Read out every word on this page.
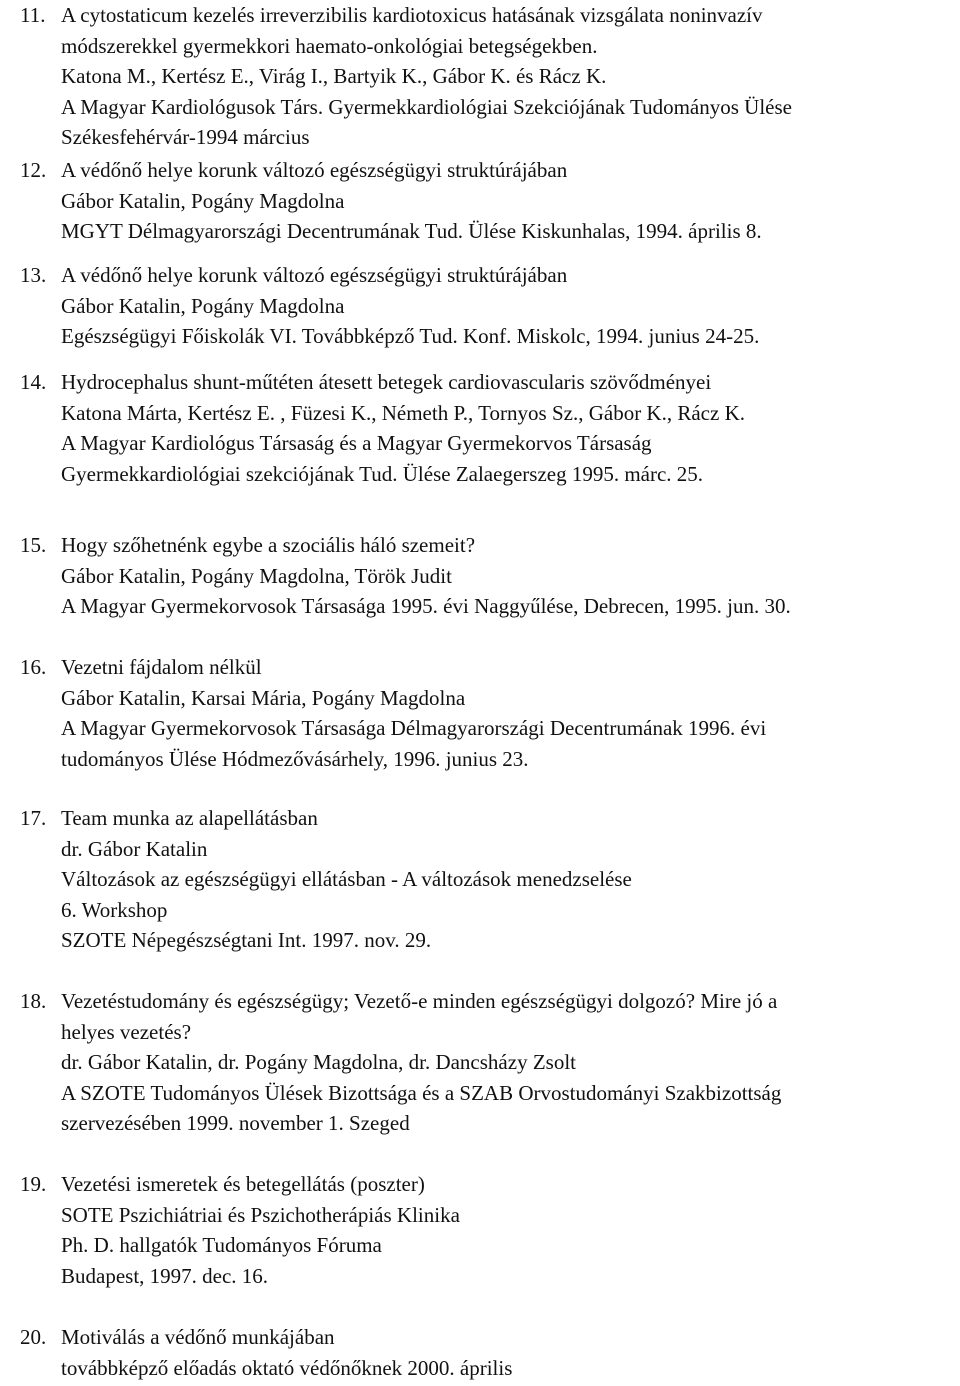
11. A cytostaticum kezelés irreverzibilis kardiotoxicus hatásának vizsgálata noninvazív
módszerekkel gyermekkori haemato-onkológiai betegségekben.
Katona M., Kertész E., Virág I., Bartyik K., Gábor K. és Rácz K.
A Magyar Kardiológusok Társ. Gyermekkardiológiai Szekciójának Tudományos Ülése
Székesfehérvár-1994 március
12. A védőnő helye korunk változó egészségügyi struktúrájában
Gábor Katalin, Pogány Magdolna
MGYT Délmagyarországi Decentrumának Tud. Ülése Kiskunhalas, 1994. április 8.
13. A védőnő helye korunk változó egészségügyi struktúrájában
Gábor Katalin, Pogány Magdolna
Egészségügyi Főiskolák VI. Továbbképző Tud. Konf. Miskolc, 1994. junius 24-25.
14. Hydrocephalus shunt-műtéten átesett betegek cardiovascularis szövődményei
Katona Márta, Kertész E. , Füzesi K., Németh P., Tornyos Sz., Gábor K., Rácz K.
A Magyar Kardiológus Társaság és a Magyar Gyermekorvos Társaság
Gyermekkardiológiai szekciójának Tud. Ülése Zalaegerszeg 1995. márc. 25.
15. Hogy szőhetnénk egybe a szociális háló szemeit?
Gábor Katalin, Pogány Magdolna, Török Judit
A Magyar Gyermekorvosok Társasága 1995. évi Naggyűlése, Debrecen, 1995. jun. 30.
16. Vezetni fájdalom nélkül
Gábor Katalin, Karsai Mária, Pogány Magdolna
A Magyar Gyermekorvosok Társasága Délmagyarországi Decentrumának 1996. évi
tudományos Ülése Hódmezővásárhely, 1996. junius 23.
17. Team munka az alapellátásban
dr. Gábor Katalin
Változások az egészségügyi ellátásban - A változások menedzselése
6. Workshop
SZOTE Népegészségtani Int. 1997. nov. 29.
18. Vezetéstudomány és egészségügy; Vezető-e minden egészségügyi dolgozó? Mire jó a
helyes vezetés?
dr. Gábor Katalin, dr. Pogány Magdolna, dr. Dancsházy Zsolt
A SZOTE Tudományos Ülések Bizottsága és a SZAB Orvostudományi Szakbizottság
szervezésében 1999. november 1. Szeged
19. Vezetési ismeretek és betegellátás (poszter)
SOTE Pszichiátriai és Pszichotherápiás Klinika
Ph. D. hallgatók Tudományos Fóruma
Budapest, 1997. dec. 16.
20. Motiválás a védőnő munkájában
továbbképző előadás oktató védőnőknek 2000. április
